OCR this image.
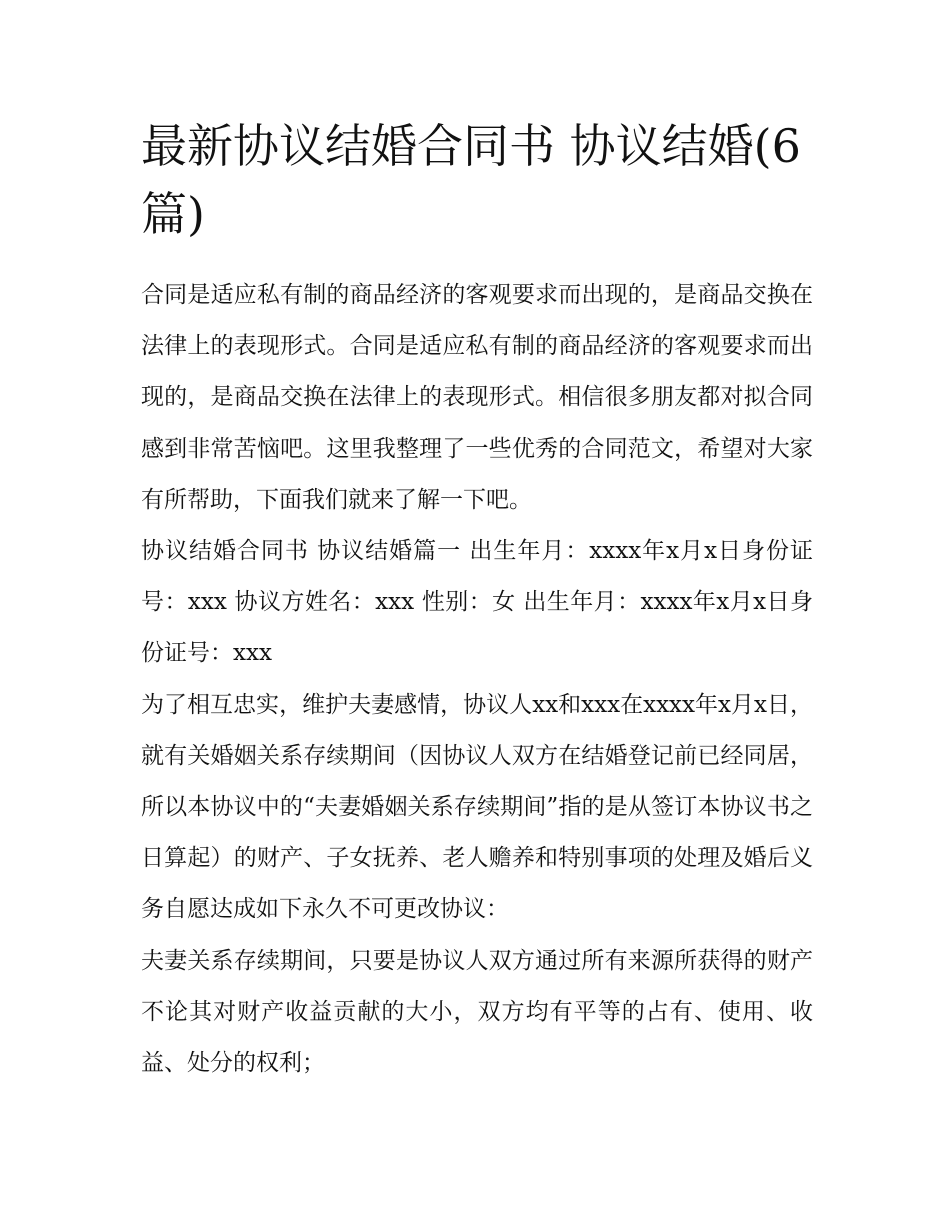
最新协议结婚合同书 协议结婚(6篇)

合同是适应私有制的商品经济的客观要求而出现的，是商品交换在法律上的表现形式。合同是适应私有制的商品经济的客观要求而出现的，是商品交换在法律上的表现形式。相信很多朋友都对拟合同感到非常苦恼吧。这里我整理了一些优秀的合同范文，希望对大家有所帮助，下面我们就来了解一下吧。

协议结婚合同书 协议结婚篇一 出生年月：xxxx年x月x日身份证号：xxx 协议方姓名：xxx 性别：女 出生年月：xxxx年x月x日身份证号：xxx

为了相互忠实，维护夫妻感情，协议人xx和xxx在xxxx年x月x日，就有关婚姻关系存续期间（因协议人双方在结婚登记前已经同居，所以本协议中的“夫妻婚姻关系存续期间”指的是从签订本协议书之日算起）的财产、子女抚养、老人赡养和特别事项的处理及婚后义务自愿达成如下永久不可更改协议：

夫妻关系存续期间，只要是协议人双方通过所有来源所获得的财产不论其对财产收益贡献的大小，双方均有平等的占有、使用、收益、处分的权利；
